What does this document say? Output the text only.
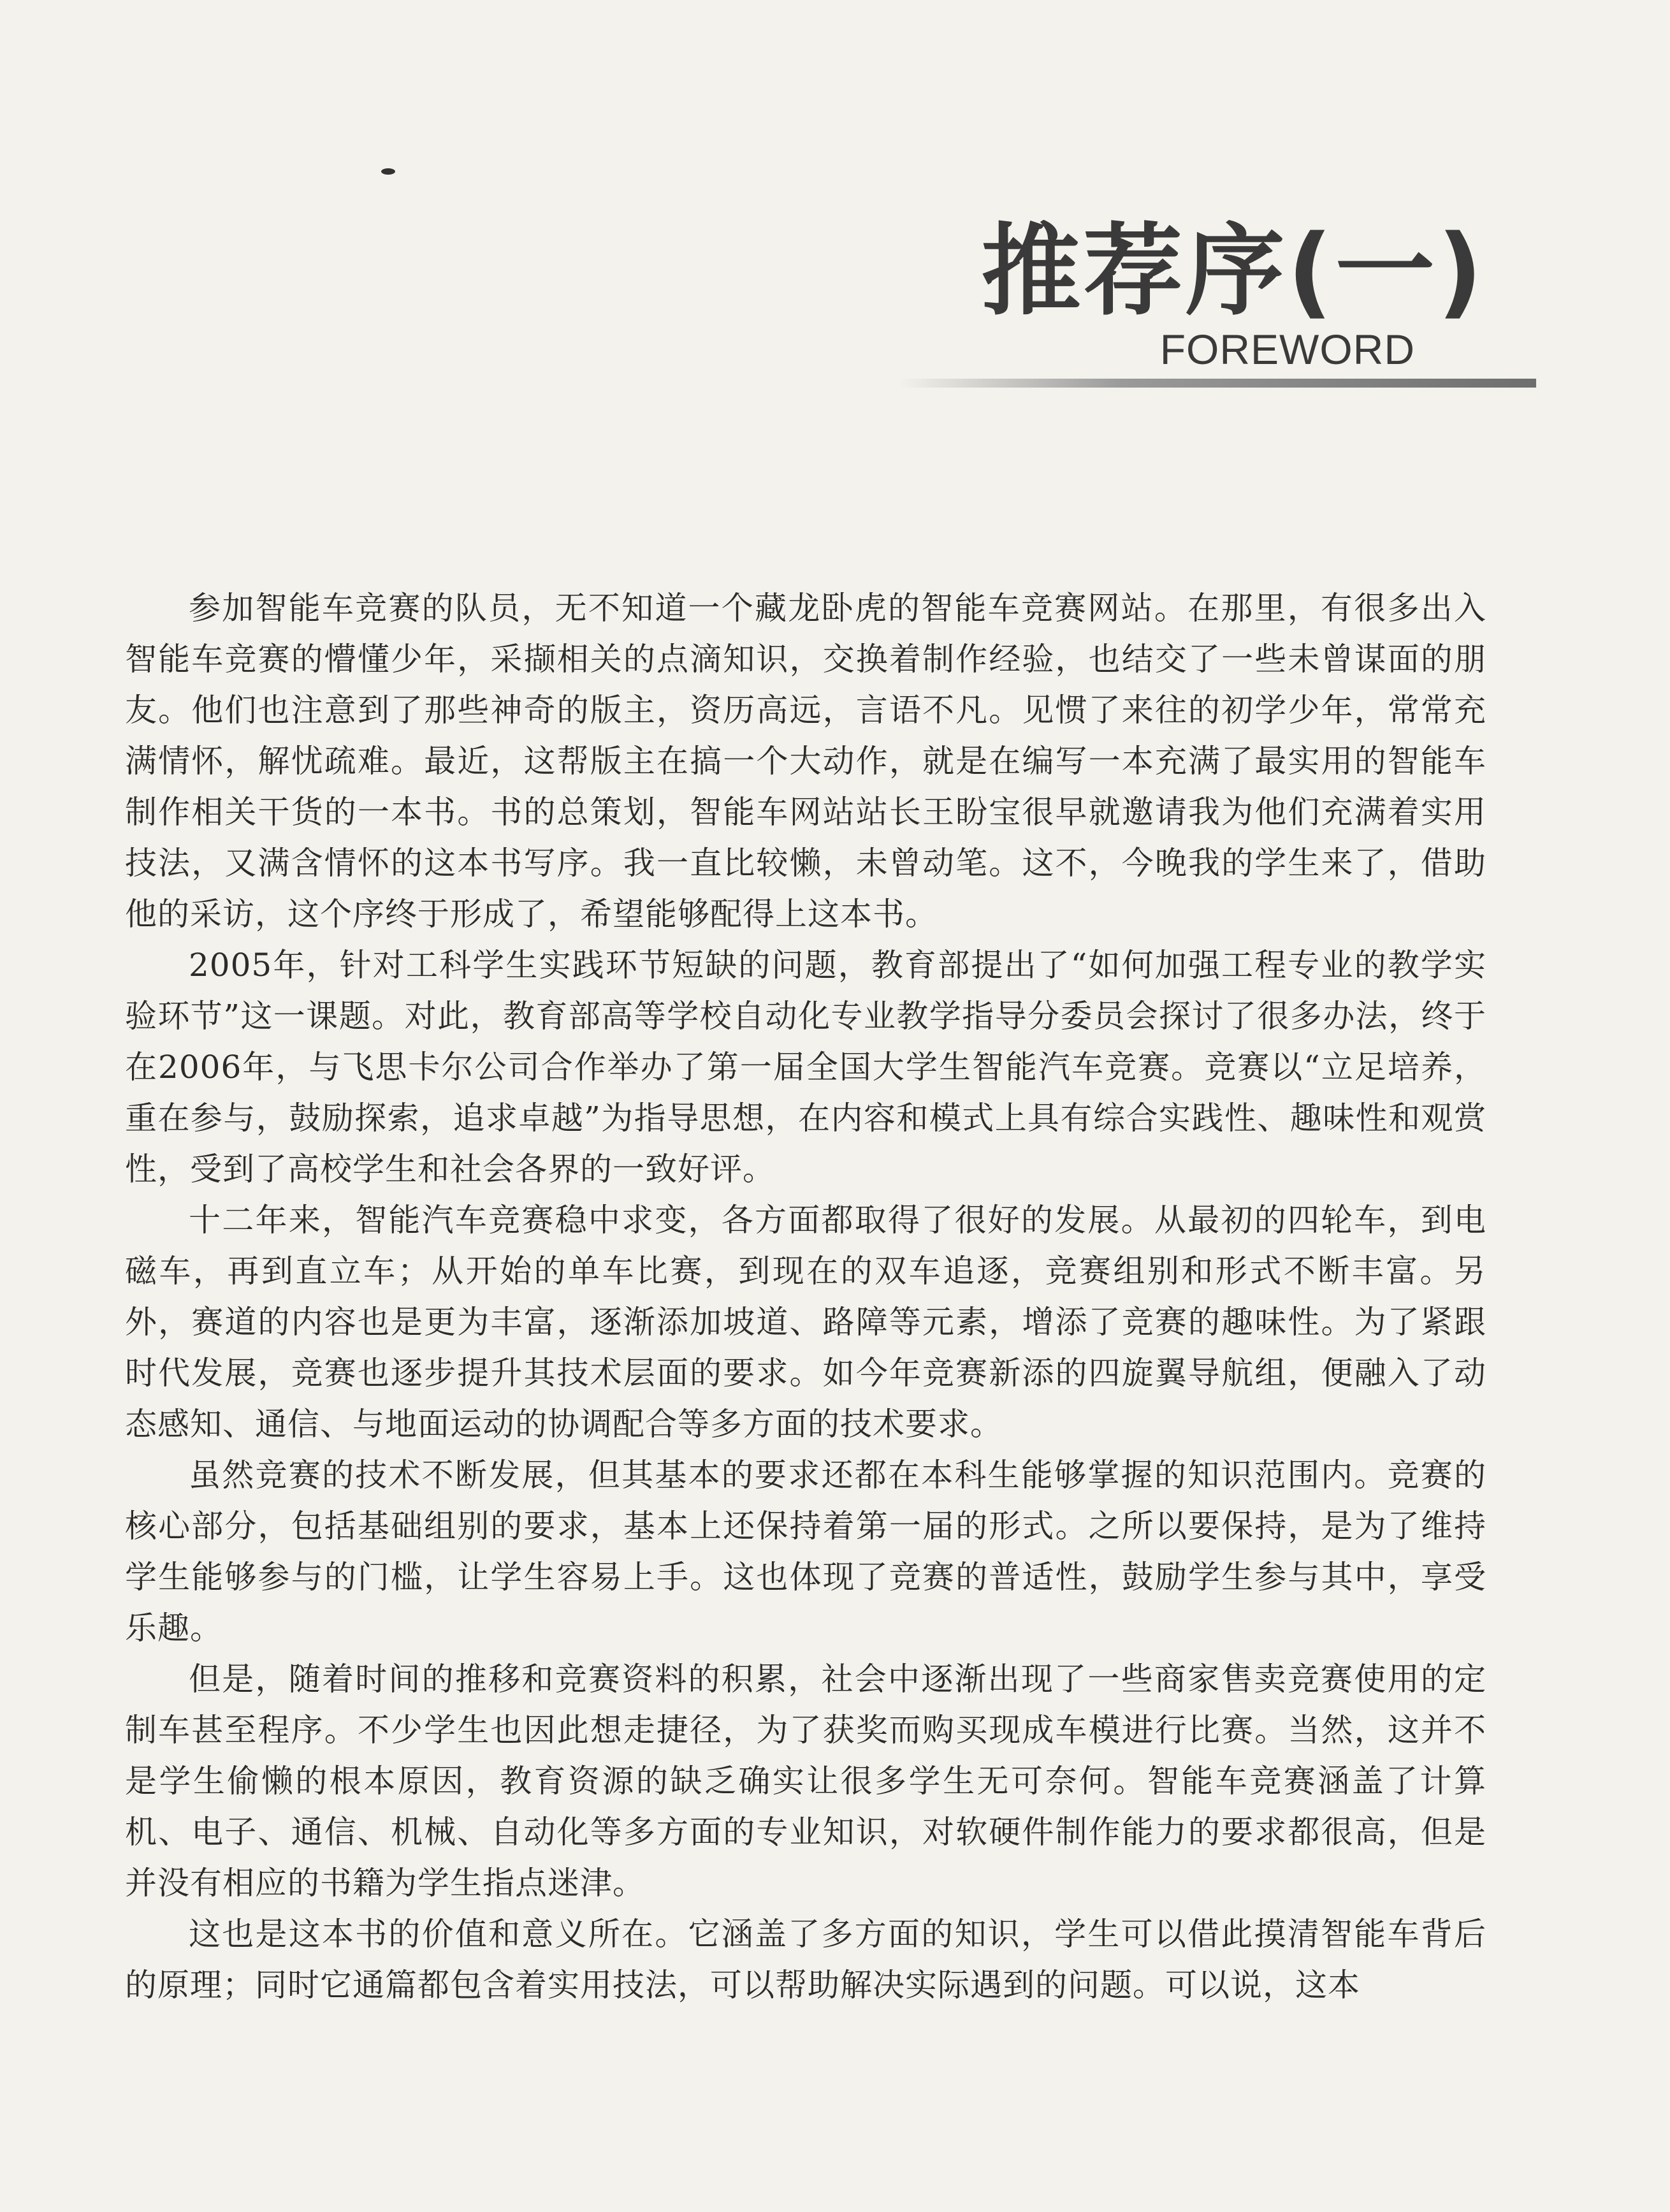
推荐序(一)
FOREWORD

参加智能车竞赛的队员，无不知道一个藏龙卧虎的智能车竞赛网站。在那里，有很多出入智能车竞赛的懵懂少年，采撷相关的点滴知识，交换着制作经验，也结交了一些未曾谋面的朋友。他们也注意到了那些神奇的版主，资历高远，言语不凡。见惯了来往的初学少年，常常充满情怀，解忧疏难。最近，这帮版主在搞一个大动作，就是在编写一本充满了最实用的智能车制作相关干货的一本书。书的总策划，智能车网站站长王盼宝很早就邀请我为他们充满着实用技法，又满含情怀的这本书写序。我一直比较懒，未曾动笔。这不，今晚我的学生来了，借助他的采访，这个序终于形成了，希望能够配得上这本书。

2005年，针对工科学生实践环节短缺的问题，教育部提出了“如何加强工程专业的教学实验环节”这一课题。对此，教育部高等学校自动化专业教学指导分委员会探讨了很多办法，终于在2006年，与飞思卡尔公司合作举办了第一届全国大学生智能汽车竞赛。竞赛以“立足培养，重在参与，鼓励探索，追求卓越”为指导思想，在内容和模式上具有综合实践性、趣味性和观赏性，受到了高校学生和社会各界的一致好评。

十二年来，智能汽车竞赛稳中求变，各方面都取得了很好的发展。从最初的四轮车，到电磁车，再到直立车；从开始的单车比赛，到现在的双车追逐，竞赛组别和形式不断丰富。另外，赛道的内容也是更为丰富，逐渐添加坡道、路障等元素，增添了竞赛的趣味性。为了紧跟时代发展，竞赛也逐步提升其技术层面的要求。如今年竞赛新添的四旋翼导航组，便融入了动态感知、通信、与地面运动的协调配合等多方面的技术要求。

虽然竞赛的技术不断发展，但其基本的要求还都在本科生能够掌握的知识范围内。竞赛的核心部分，包括基础组别的要求，基本上还保持着第一届的形式。之所以要保持，是为了维持学生能够参与的门槛，让学生容易上手。这也体现了竞赛的普适性，鼓励学生参与其中，享受乐趣。

但是，随着时间的推移和竞赛资料的积累，社会中逐渐出现了一些商家售卖竞赛使用的定制车甚至程序。不少学生也因此想走捷径，为了获奖而购买现成车模进行比赛。当然，这并不是学生偷懒的根本原因，教育资源的缺乏确实让很多学生无可奈何。智能车竞赛涵盖了计算机、电子、通信、机械、自动化等多方面的专业知识，对软硬件制作能力的要求都很高，但是并没有相应的书籍为学生指点迷津。

这也是这本书的价值和意义所在。它涵盖了多方面的知识，学生可以借此摸清智能车背后的原理；同时它通篇都包含着实用技法，可以帮助解决实际遇到的问题。可以说，这本
